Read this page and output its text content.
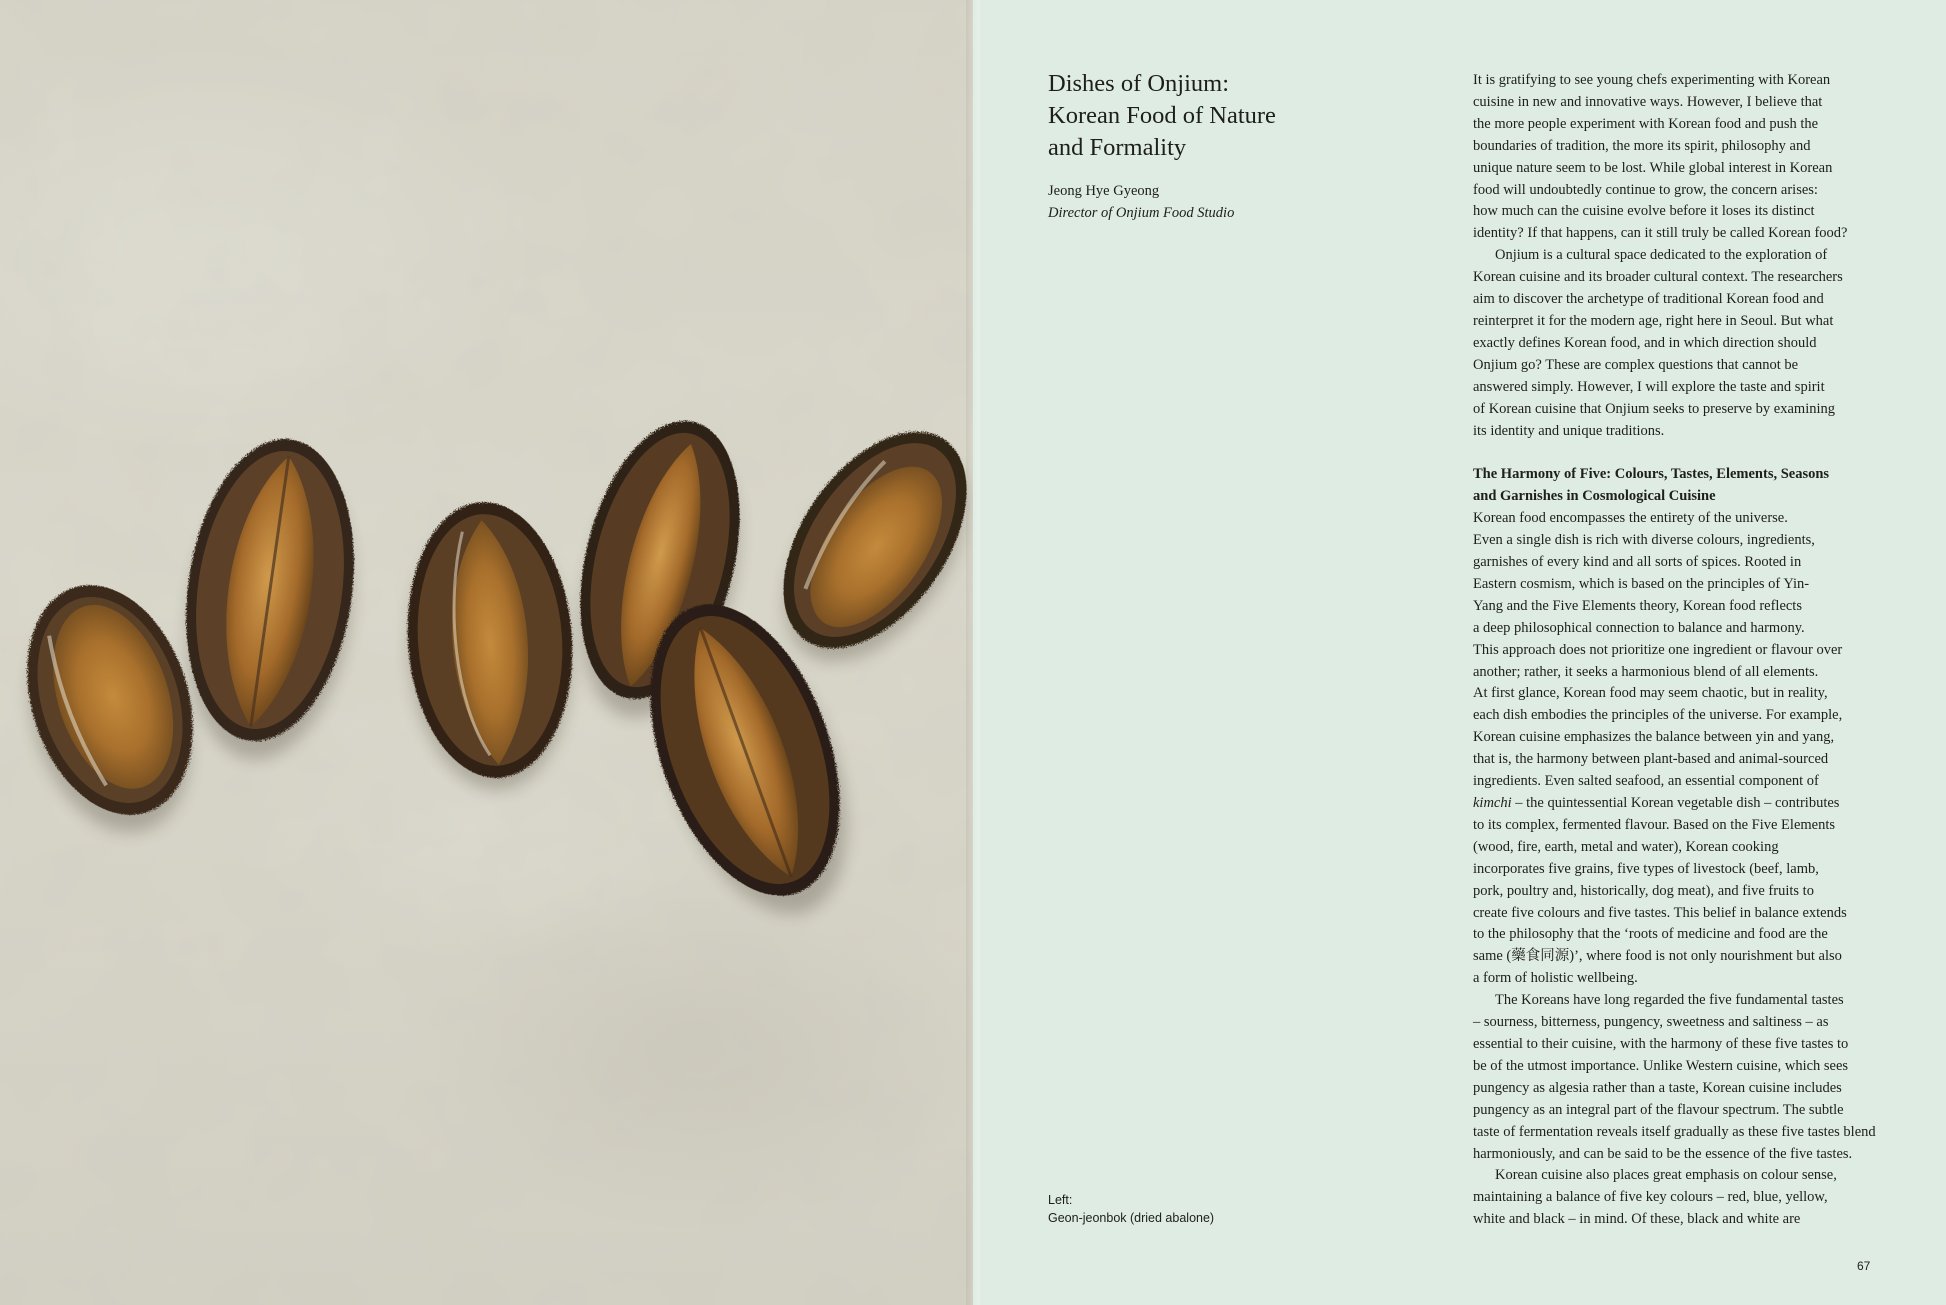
Dishes of Onjium:
Korean Food of Nature
and Formality
Jeong Hye Gyeong
Director of Onjium Food Studio
Left:
Geon-jeonbok (dried abalone)
It is gratifying to see young chefs experimenting with Korean
cuisine in new and innovative ways. However, I believe that
the more people experiment with Korean food and push the
boundaries of tradition, the more its spirit, philosophy and
unique nature seem to be lost. While global interest in Korean
food will undoubtedly continue to grow, the concern arises:
how much can the cuisine evolve before it loses its distinct
identity? If that happens, can it still truly be called Korean food?
Onjium is a cultural space dedicated to the exploration of
Korean cuisine and its broader cultural context. The researchers
aim to discover the archetype of traditional Korean food and
reinterpret it for the modern age, right here in Seoul. But what
exactly defines Korean food, and in which direction should
Onjium go? These are complex questions that cannot be
answered simply. However, I will explore the taste and spirit
of Korean cuisine that Onjium seeks to preserve by examining
its identity and unique traditions.
The Harmony of Five: Colours, Tastes, Elements, Seasons
and Garnishes in Cosmological Cuisine
Korean food encompasses the entirety of the universe.
Even a single dish is rich with diverse colours, ingredients,
garnishes of every kind and all sorts of spices. Rooted in
Eastern cosmism, which is based on the principles of Yin-
Yang and the Five Elements theory, Korean food reflects
a deep philosophical connection to balance and harmony.
This approach does not prioritize one ingredient or flavour over
another; rather, it seeks a harmonious blend of all elements.
At first glance, Korean food may seem chaotic, but in reality,
each dish embodies the principles of the universe. For example,
Korean cuisine emphasizes the balance between yin and yang,
that is, the harmony between plant-based and animal-sourced
ingredients. Even salted seafood, an essential component of
kimchi – the quintessential Korean vegetable dish – contributes
to its complex, fermented flavour. Based on the Five Elements
(wood, fire, earth, metal and water), Korean cooking
incorporates five grains, five types of livestock (beef, lamb,
pork, poultry and, historically, dog meat), and five fruits to
create five colours and five tastes. This belief in balance extends
to the philosophy that the ‘roots of medicine and food are the
same (藥食同源)’, where food is not only nourishment but also
a form of holistic wellbeing.
The Koreans have long regarded the five fundamental tastes
– sourness, bitterness, pungency, sweetness and saltiness – as
essential to their cuisine, with the harmony of these five tastes to
be of the utmost importance. Unlike Western cuisine, which sees
pungency as algesia rather than a taste, Korean cuisine includes
pungency as an integral part of the flavour spectrum. The subtle
taste of fermentation reveals itself gradually as these five tastes blend
harmoniously, and can be said to be the essence of the five tastes.
Korean cuisine also places great emphasis on colour sense,
maintaining a balance of five key colours – red, blue, yellow,
white and black – in mind. Of these, black and white are
67
